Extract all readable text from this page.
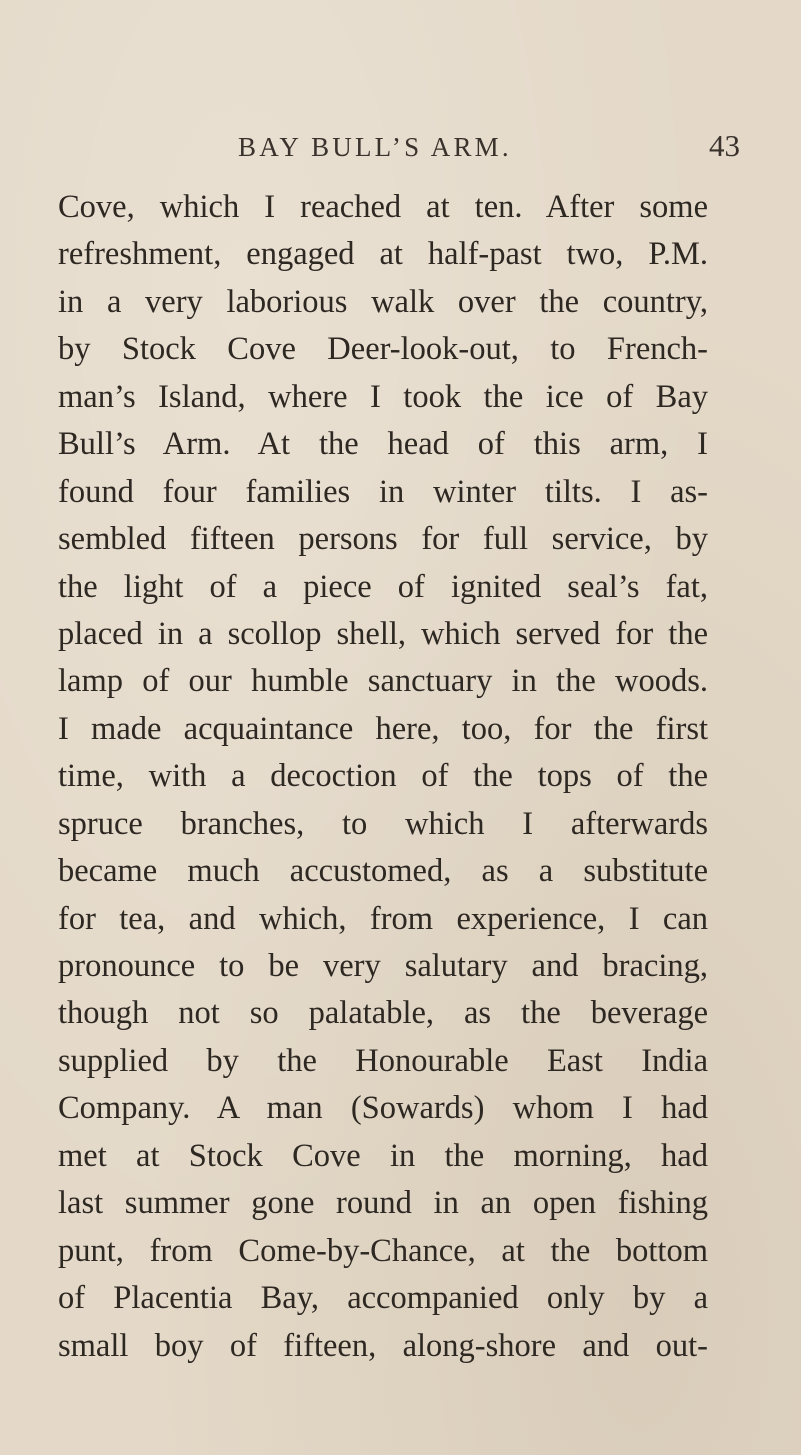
BAY BULL’S ARM.	43
Cove, which I reached at ten. After some
refreshment, engaged at half-past two, P.M.
in a very laborious walk over the country,
by Stock Cove Deer-look-out, to French-
man’s Island, where I took the ice of Bay
Bull’s Arm. At the head of this arm, I
found four families in winter tilts. I as-
sembled fifteen persons for full service, by
the light of a piece of ignited seal’s fat,
placed in a scollop shell, which served for the
lamp of our humble sanctuary in the woods.
I made acquaintance here, too, for the first
time, with a decoction of the tops of the
spruce branches, to which I afterwards
became much accustomed, as a substitute
for tea, and which, from experience, I can
pronounce to be very salutary and bracing,
though not so palatable, as the beverage
supplied by the Honourable East India
Company. A man (Sowards) whom I had
met at Stock Cove in the morning, had
last summer gone round in an open fishing
punt, from Come-by-Chance, at the bottom
of Placentia Bay, accompanied only by a
small boy of fifteen, along-shore and out-
